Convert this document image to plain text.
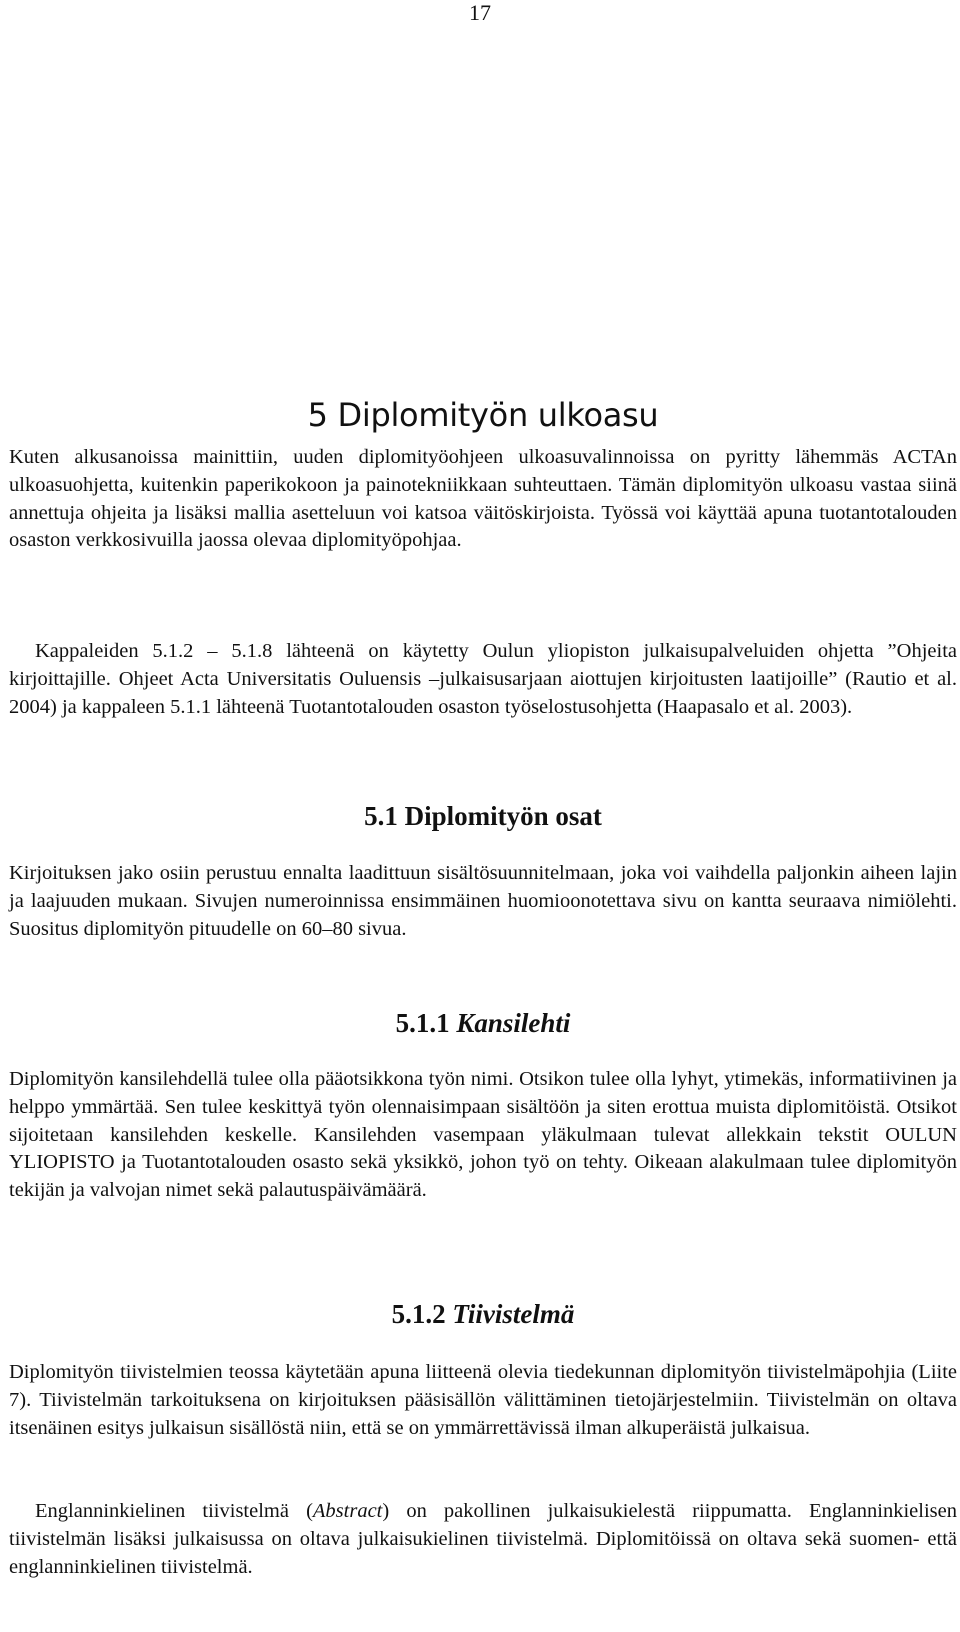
17
5 Diplomityön ulkoasu

Kuten alkusanoissa mainittiin, uuden diplomityöohjeen ulkoasuvalinnoissa on pyritty lähemmäs ACTAn ulkoasuohjetta, kuitenkin paperikokoon ja painotekniikkaan suhteuttaen. Tämän diplomityön ulkoasu vastaa siinä annettuja ohjeita ja lisäksi mallia asetteluun voi katsoa väitöskirjoista. Työssä voi käyttää apuna tuotantotalouden osaston verkkosivuilla jaossa olevaa diplomityöpohjaa.

Kappaleiden 5.1.2 – 5.1.8 lähteenä on käytetty Oulun yliopiston julkaisupalveluiden ohjetta ”Ohjeita kirjoittajille. Ohjeet Acta Universitatis Ouluensis –julkaisusarjaan aiottujen kirjoitusten laatijoille” (Rautio et al. 2004) ja kappaleen 5.1.1 lähteenä Tuotantotalouden osaston työselostusohjetta (Haapasalo et al. 2003).

5.1 Diplomityön osat

Kirjoituksen jako osiin perustuu ennalta laadittuun sisältösuunnitelmaan, joka voi vaihdella paljonkin aiheen lajin ja laajuuden mukaan. Sivujen numeroinnissa ensimmäinen huomioonotettava sivu on kantta seuraava nimiölehti. Suositus diplomityön pituudelle on 60–80 sivua.

5.1.1 Kansilehti

Diplomityön kansilehdellä tulee olla pääotsikkona työn nimi. Otsikon tulee olla lyhyt, ytimekäs, informatiivinen ja helppo ymmärtää. Sen tulee keskittyä työn olennaisimpaan sisältöön ja siten erottua muista diplomitöistä. Otsikot sijoitetaan kansilehden keskelle. Kansilehden vasempaan yläkulmaan tulevat allekkain tekstit OULUN YLIOPISTO ja Tuotantotalouden osasto sekä yksikkö, johon työ on tehty. Oikeaan alakulmaan tulee diplomityön tekijän ja valvojan nimet sekä palautuspäivämäärä.

5.1.2 Tiivistelmä

Diplomityön tiivistelmien teossa käytetään apuna liitteenä olevia tiedekunnan diplomityön tiivistelmäpohjia (Liite 7). Tiivistelmän tarkoituksena on kirjoituksen pääsisällön välittäminen tietojärjestelmiin. Tiivistelmän on oltava itsenäinen esitys julkaisun sisällöstä niin, että se on ymmärrettävissä ilman alkuperäistä julkaisua.

Englanninkielinen tiivistelmä (Abstract) on pakollinen julkaisukielestä riippumatta. Englanninkielisen tiivistelmän lisäksi julkaisussa on oltava julkaisukielinen tiivistelmä. Diplomitöissä on oltava sekä suomen- että englanninkielinen tiivistelmä.
